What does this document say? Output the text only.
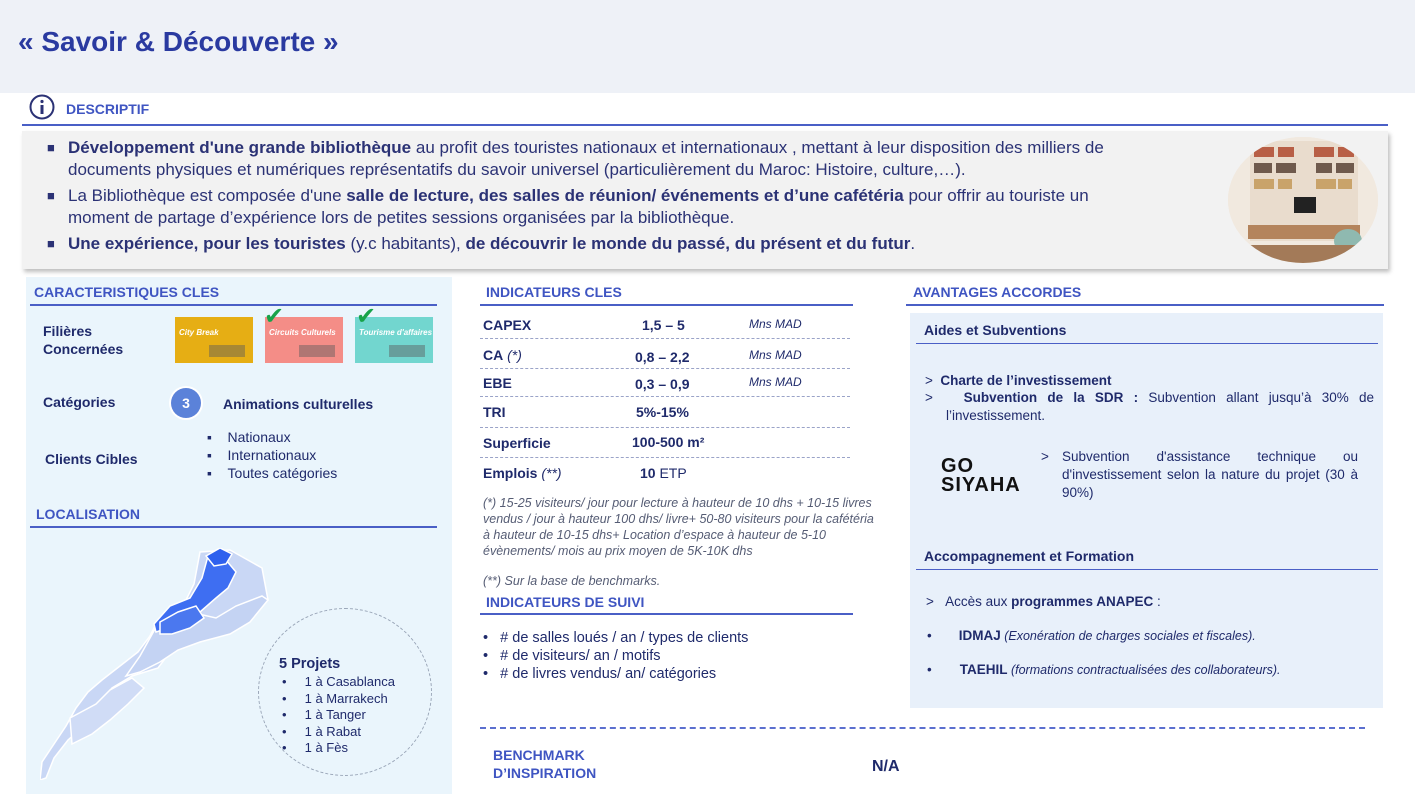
« Savoir & Découverte »
DESCRIPTIF
■ Développement d'une grande bibliothèque au profit des touristes nationaux et internationaux , mettant à leur disposition des milliers de
documents physiques et numériques représentatifs du savoir universel (particulièrement du Maroc: Histoire, culture,…).
■ La Bibliothèque est composée d'une salle de lecture, des salles de réunion/ événements et d’une cafétéria pour offrir au touriste un
moment de partage d’expérience lors de petites sessions organisées par la bibliothèque.
■ Une expérience, pour les touristes (y.c habitants), de découvrir le monde du passé, du présent et du futur.
CARACTERISTIQUES CLES
Filières Concernées
City Break	Circuits Culturels	Tourisme d'affaires
✔	✔
Catégories	3	Animations culturelles
Clients Cibles
▪    Nationaux
▪    Internationaux
▪    Toutes catégories
LOCALISATION
5 Projets
•     1 à Casablanca
•     1 à Marrakech
•     1 à Tanger
•     1 à Rabat
•     1 à Fès
INDICATEURS CLES
CAPEX	1,5 – 5	Mns MAD
CA (*)	0,8 – 2,2	Mns MAD
EBE	0,3 – 0,9	Mns MAD
TRI	5%-15%
Superficie	100-500 m²
Emplois (**)	10 ETP
(*) 15-25 visiteurs/ jour pour lecture à hauteur de 10 dhs + 10-15 livres vendus / jour à hauteur 100 dhs/ livre+ 50-80 visiteurs pour la cafétéria à hauteur de 10-15 dhs+ Location d’espace à hauteur de 5-10 évènements/ mois au prix moyen de 5K-10K dhs
(**) Sur la base de benchmarks.
INDICATEURS DE SUIVI
•   # de salles loués / an / types de clients
•   # de visiteurs/ an / motifs
•   # de livres vendus/ an/ catégories
AVANTAGES ACCORDES
Aides et Subventions
>  Charte de l’investissement
>   Subvention de la SDR : Subvention allant jusqu’à 30% de l’investissement.
GO
SIYAHA
> Subvention d'assistance technique ou d'investissement selon la nature du projet (30 à 90%)
Accompagnement et Formation
>   Accès aux programmes ANAPEC :
• IDMAJ (Exonération de charges sociales et fiscales).
• TAEHIL (formations contractualisées des collaborateurs).
BENCHMARK
D’INSPIRATION	N/A
